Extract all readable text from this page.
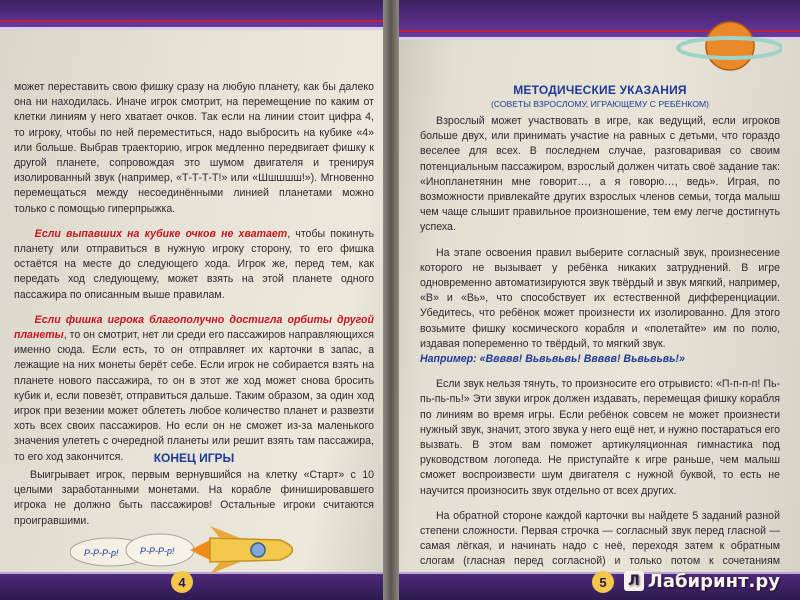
может переставить свою фишку сразу на любую планету, как бы далеко она ни находилась. Иначе игрок смотрит, на перемещение по каким от клетки линиям у него хватает очков. Так если на линии стоит цифра 4, то игроку, чтобы по ней переместиться, надо выбросить на кубике «4» или больше. Выбрав траекторию, игрок медленно передвигает фишку к другой планете, сопровождая это шумом двигателя и тренируя изолированный звук (например, «Т-Т-Т-Т!» или «Шшшшш!»). Мгновенно перемещаться между несоединёнными линией планетами можно только с помощью гиперпрыжка.

Если выпавших на кубике очков не хватает, чтобы покинуть планету или отправиться в нужную игроку сторону, то его фишка остаётся на месте до следующего хода. Игрок же, перед тем, как передать ход следующему, может взять на этой планете одного пассажира по описанным выше правилам.

Если фишка игрока благополучно достигла орбиты другой планеты, то он смотрит, нет ли среди его пассажиров направляющихся именно сюда. Если есть, то он отправляет их карточки в запас, а лежащие на них монеты берёт себе. Если игрок не собирается взять на планете нового пассажира, то он в этот же ход может снова бросить кубик и, если повезёт, отправиться дальше. Таким образом, за один ход игрок при везении может облететь любое количество планет и развезти хоть всех своих пассажиров. Но если он не сможет из-за маленького значения улететь с очередной планеты или решит взять там пассажира, то его ход закончится.	КОНЕЦ ИГРЫ

Выигрывает игрок, первым вернувшийся на клетку «Старт» с 10 целыми заработанными монетами. На корабле финишировавшего игрока не должно быть пассажиров! Остальные игроки считаются проигравшими.

Р-Р-Р-р! Р-Р-Р-р!
4
МЕТОДИЧЕСКИЕ УКАЗАНИЯ
(СОВЕТЫ ВЗРОСЛОМУ, ИГРАЮЩЕМУ С РЕБЁНКОМ)

Взрослый может участвовать в игре, как ведущий, если игроков больше двух, или принимать участие на равных с детьми, что гораздо веселее для всех. В последнем случае, разговаривая со своим потенциальным пассажиром, взрослый должен читать своё задание так: «Инопланетянин мне говорит…, а я говорю…, ведь». Играя, по возможности привлекайте других взрослых членов семьи, тогда малыш чем чаще слышит правильное произношение, тем ему легче достигнуть успеха.

На этапе освоения правил выберите согласный звук, произнесение которого не вызывает у ребёнка никаких затруднений. В игре одновременно автоматизируются звук твёрдый и звук мягкий, например, «В» и «Вь», что способствует их естественной дифференциации. Убедитесь, что ребёнок может произнести их изолированно. Для этого возьмите фишку космического корабля и «полетайте» им по полю, издавая попеременно то твёрдый, то мягкий звук.
Например: «Ввввв! Вьвьвьвь! Ввввв! Вьвьвьвь!»

Если звук нельзя тянуть, то произносите его отрывисто: «П-п-п-п! Пь-пь-пь-пь!» Эти звуки игрок должен издавать, перемещая фишку корабля по линиям во время игры. Если ребёнок совсем не может произнести нужный звук, значит, этого звука у него ещё нет, и нужно постараться его вызвать. В этом вам поможет артикуляционная гимнастика под руководством логопеда. Не приступайте к игре раньше, чем малыш сможет воспроизвести шум двигателя с нужной буквой, то есть не научится произносить звук отдельно от всех других.

На обратной стороне каждой карточки вы найдете 5 заданий разной степени сложности. Первая строчка — согласный звук перед гласной — самая лёгкая, и начинать надо с неё, переходя затем к обратным слогам (гласная перед согласной) и только потом к сочетаниям

5	Л Лабиринт.ру
